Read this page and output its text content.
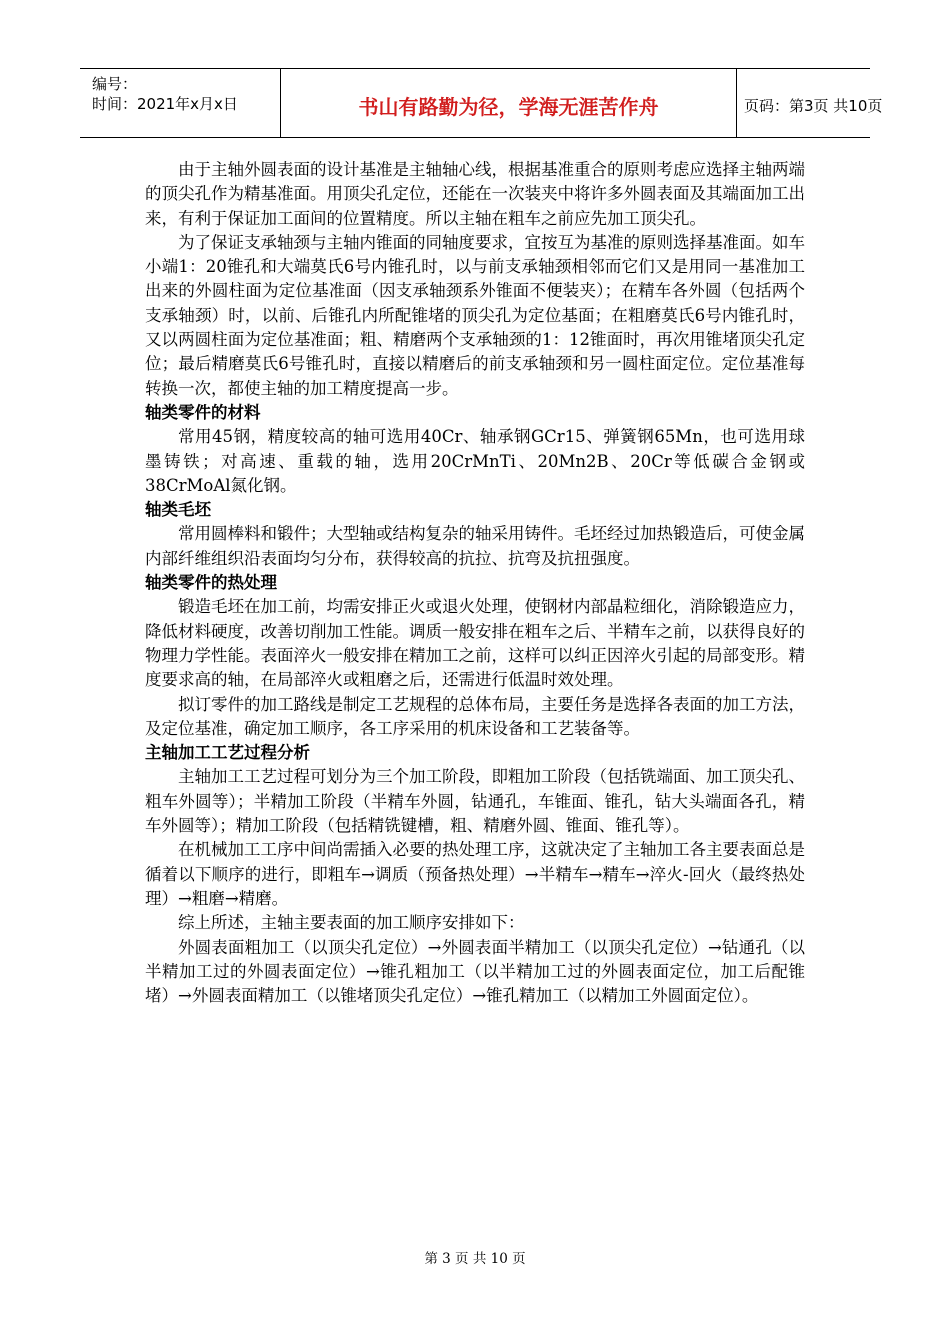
编号：
时间：2021年x月x日	书山有路勤为径，学海无涯苦作舟	页码：第3页 共10页

由于主轴外圆表面的设计基准是主轴轴心线，根据基准重合的原则考虑应选择主轴两端的顶尖孔作为精基准面。用顶尖孔定位，还能在一次装夹中将许多外圆表面及其端面加工出来，有利于保证加工面间的位置精度。所以主轴在粗车之前应先加工顶尖孔。

为了保证支承轴颈与主轴内锥面的同轴度要求，宜按互为基准的原则选择基准面。如车小端1：20锥孔和大端莫氏6号内锥孔时，以与前支承轴颈相邻而它们又是用同一基准加工出来的外圆柱面为定位基准面（因支承轴颈系外锥面不便装夹）；在精车各外圆（包括两个支承轴颈）时，以前、后锥孔内所配锥堵的顶尖孔为定位基面；在粗磨莫氏6号内锥孔时，又以两圆柱面为定位基准面；粗、精磨两个支承轴颈的1：12锥面时，再次用锥堵顶尖孔定位；最后精磨莫氏6号锥孔时，直接以精磨后的前支承轴颈和另一圆柱面定位。定位基准每转换一次，都使主轴的加工精度提高一步。

轴类零件的材料

常用45钢，精度较高的轴可选用40Cr、轴承钢GCr15、弹簧钢65Mn，也可选用球墨铸铁；对高速、重载的轴，选用20CrMnTi、20Mn2B、20Cr等低碳合金钢或38CrMoAl氮化钢。

轴类毛坯

常用圆棒料和锻件；大型轴或结构复杂的轴采用铸件。毛坯经过加热锻造后，可使金属内部纤维组织沿表面均匀分布，获得较高的抗拉、抗弯及抗扭强度。

轴类零件的热处理

锻造毛坯在加工前，均需安排正火或退火处理，使钢材内部晶粒细化，消除锻造应力，降低材料硬度，改善切削加工性能。调质一般安排在粗车之后、半精车之前，以获得良好的物理力学性能。表面淬火一般安排在精加工之前，这样可以纠正因淬火引起的局部变形。精度要求高的轴，在局部淬火或粗磨之后，还需进行低温时效处理。

拟订零件的加工路线是制定工艺规程的总体布局，主要任务是选择各表面的加工方法，及定位基准，确定加工顺序，各工序采用的机床设备和工艺装备等。

主轴加工工艺过程分析

主轴加工工艺过程可划分为三个加工阶段，即粗加工阶段（包括铣端面、加工顶尖孔、粗车外圆等）；半精加工阶段（半精车外圆，钻通孔，车锥面、锥孔，钻大头端面各孔，精车外圆等）；精加工阶段（包括精铣键槽，粗、精磨外圆、锥面、锥孔等）。

在机械加工工序中间尚需插入必要的热处理工序，这就决定了主轴加工各主要表面总是循着以下顺序的进行，即粗车→调质（预备热处理）→半精车→精车→淬火-回火（最终热处理）→粗磨→精磨。

综上所述，主轴主要表面的加工顺序安排如下：

外圆表面粗加工（以顶尖孔定位）→外圆表面半精加工（以顶尖孔定位）→钻通孔（以半精加工过的外圆表面定位）→锥孔粗加工（以半精加工过的外圆表面定位，加工后配锥堵）→外圆表面精加工（以锥堵顶尖孔定位）→锥孔精加工（以精加工外圆面定位）。

第 3 页 共 10 页
